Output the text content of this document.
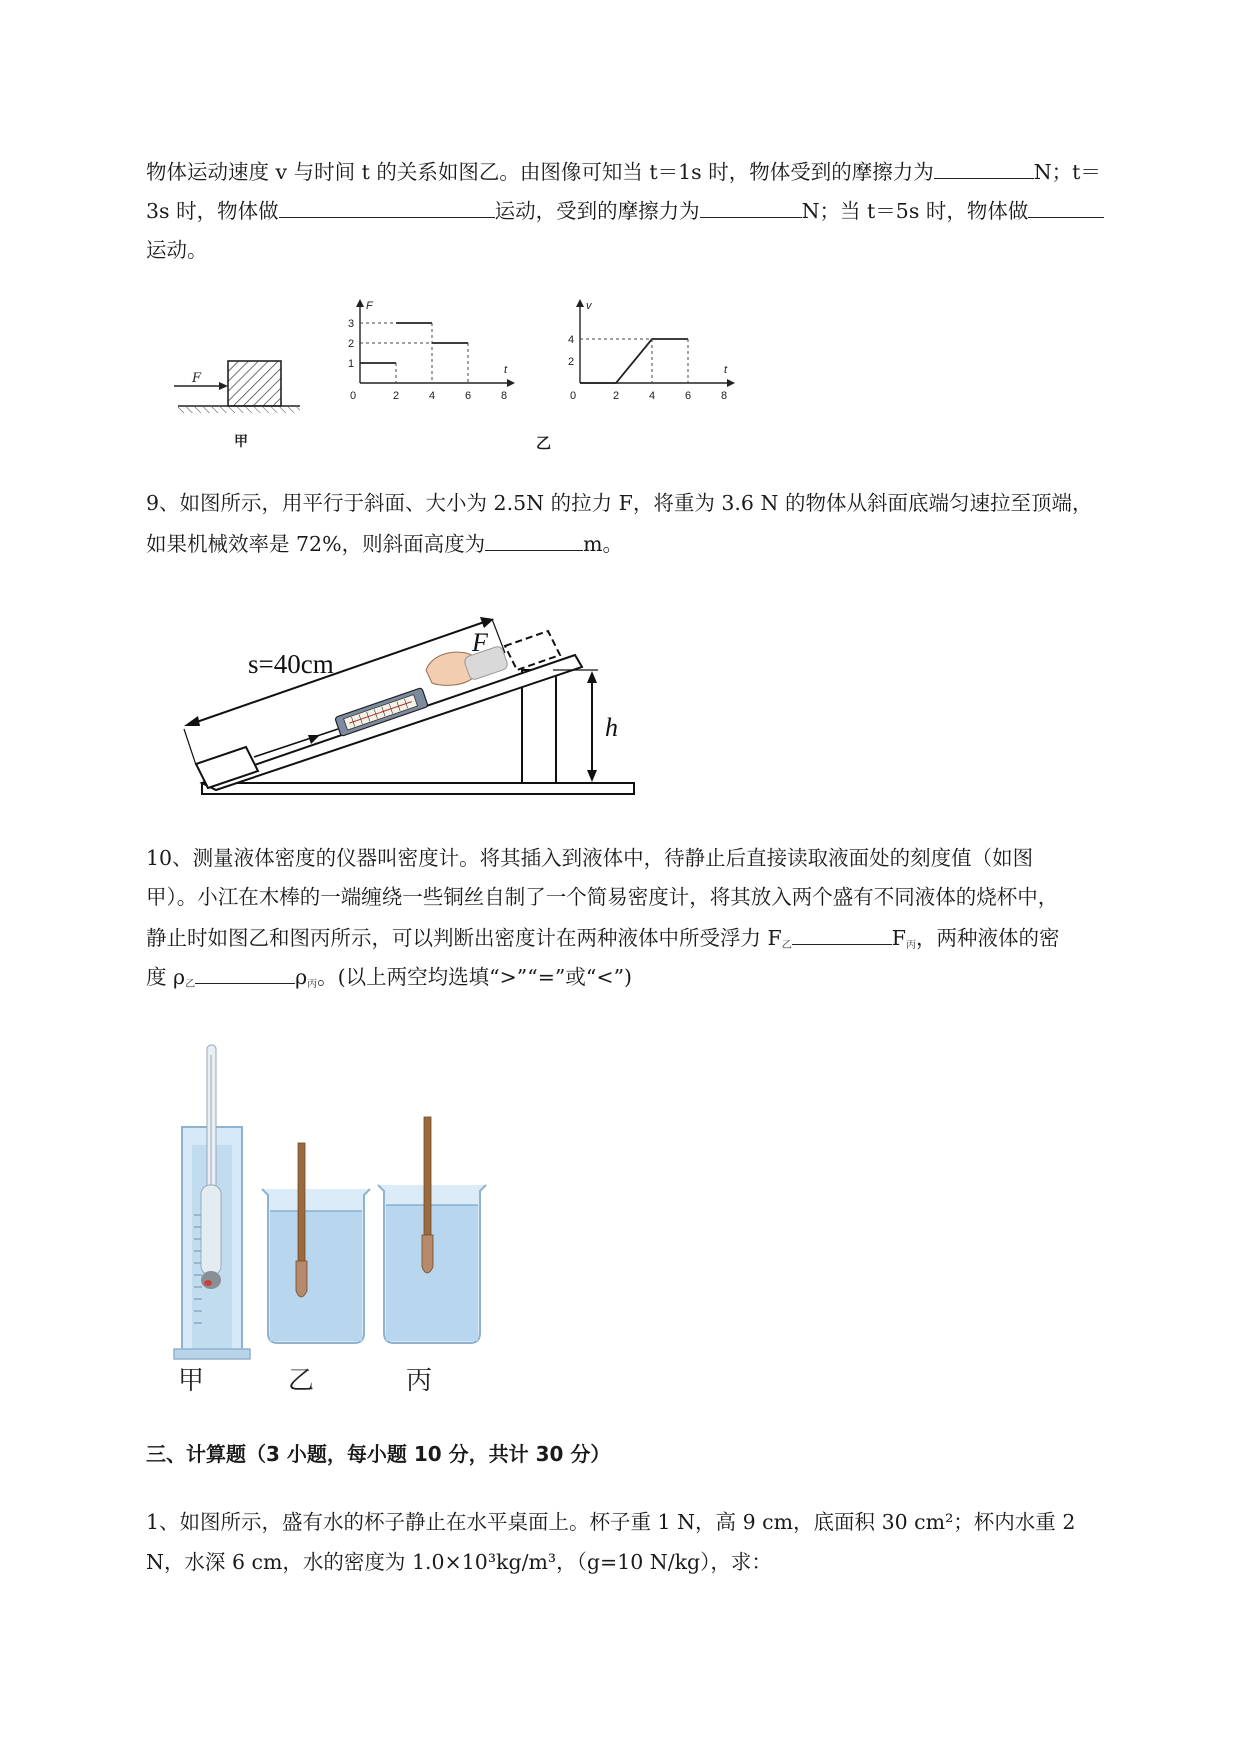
物体运动速度 v 与时间 t 的关系如图乙。由图像可知当 t＝1s 时，物体受到的摩擦力为	N；t＝
3s 时，物体做	运动，受到的摩擦力为	N；当 t＝5s 时，物体做
运动。
F
甲
F
t
0	2	4	6	8
1
2
3
v
t
0	2	4	6	8
2
4
乙
9、如图所示，用平行于斜面、大小为 2.5N 的拉力 F，将重为 3.6 N 的物体从斜面底端匀速拉至顶端，
如果机械效率是 72%，则斜面高度为	m。
s=40cm
F
h
10、测量液体密度的仪器叫密度计。将其插入到液体中，待静止后直接读取液面处的刻度值（如图
甲）。小江在木棒的一端缠绕一些铜丝自制了一个简易密度计，将其放入两个盛有不同液体的烧杯中，
静止时如图乙和图丙所示，可以判断出密度计在两种液体中所受浮力 $F_乙$	$F_丙$，两种液体的密
度 $\rho_乙$	$\rho_丙$。(以上两空均选填“>”“=”或“<”)
甲	乙	丙
三、计算题（3 小题，每小题 10 分，共计 30 分）
1、如图所示，盛有水的杯子静止在水平桌面上。杯子重 1 N，高 9 cm，底面积 30 cm²；杯内水重 2
N，水深 6 cm，水的密度为 1.0×10³kg/m³，（g=10 N/kg），求：
